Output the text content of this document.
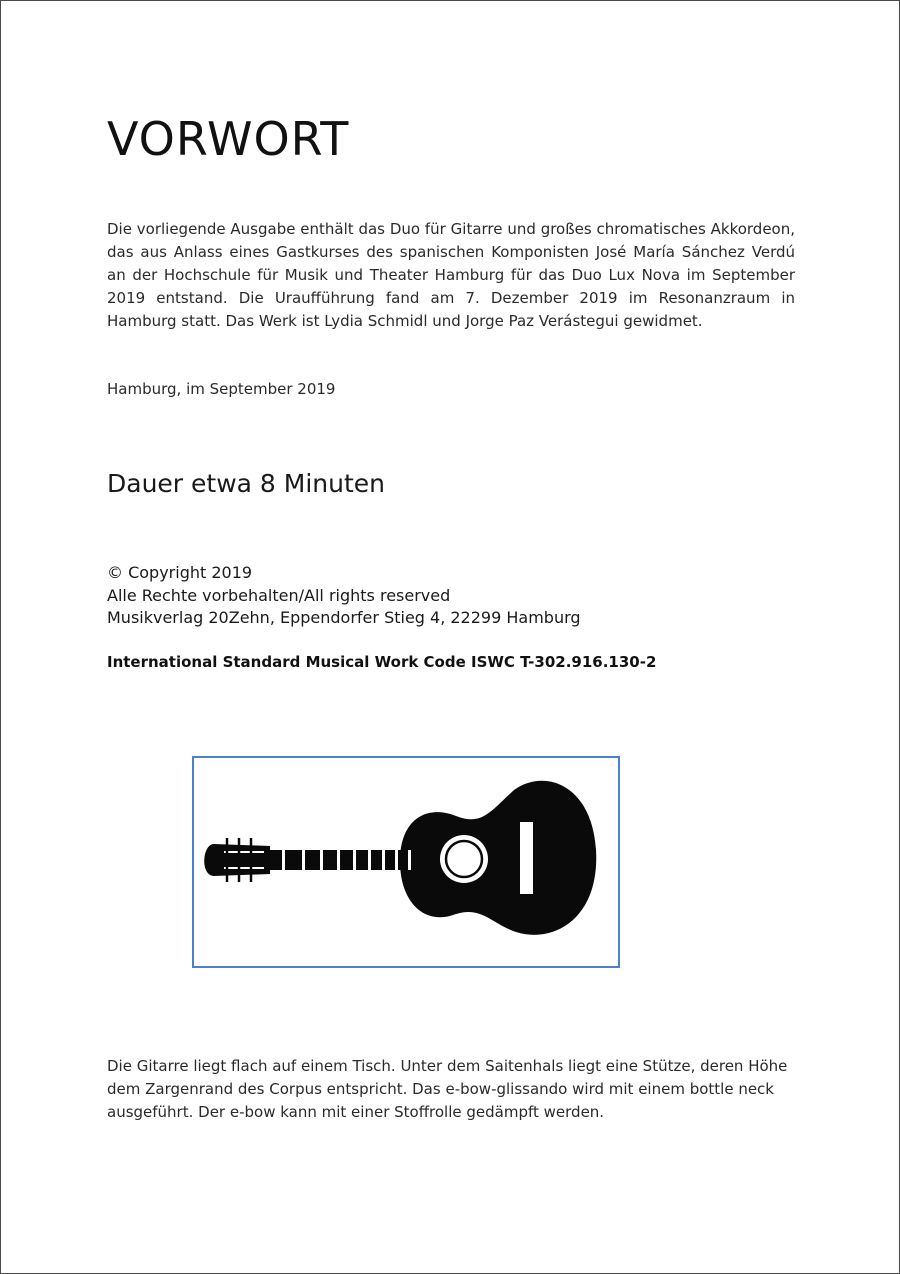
VORWORT

Die vorliegende Ausgabe enthält das Duo für Gitarre und großes chromatisches Akkordeon, das aus Anlass eines Gastkurses des spanischen Komponisten José María Sánchez Verdú an der Hochschule für Musik und Theater Hamburg für das Duo Lux Nova im September 2019 entstand. Die Uraufführung fand am 7. Dezember 2019 im Resonanzraum in Hamburg statt. Das Werk ist Lydia Schmidl und Jorge Paz Verástegui gewidmet.

Hamburg, im September 2019

Dauer etwa 8 Minuten

© Copyright 2019
Alle Rechte vorbehalten/All rights reserved
Musikverlag 20Zehn, Eppendorfer Stieg 4, 22299 Hamburg

International Standard Musical Work Code ISWC T-302.916.130-2

Die Gitarre liegt flach auf einem Tisch. Unter dem Saitenhals liegt eine Stütze, deren Höhe dem Zargenrand des Corpus entspricht. Das e-bow-glissando wird mit einem bottle neck ausgeführt. Der e-bow kann mit einer Stoffrolle gedämpft werden.
